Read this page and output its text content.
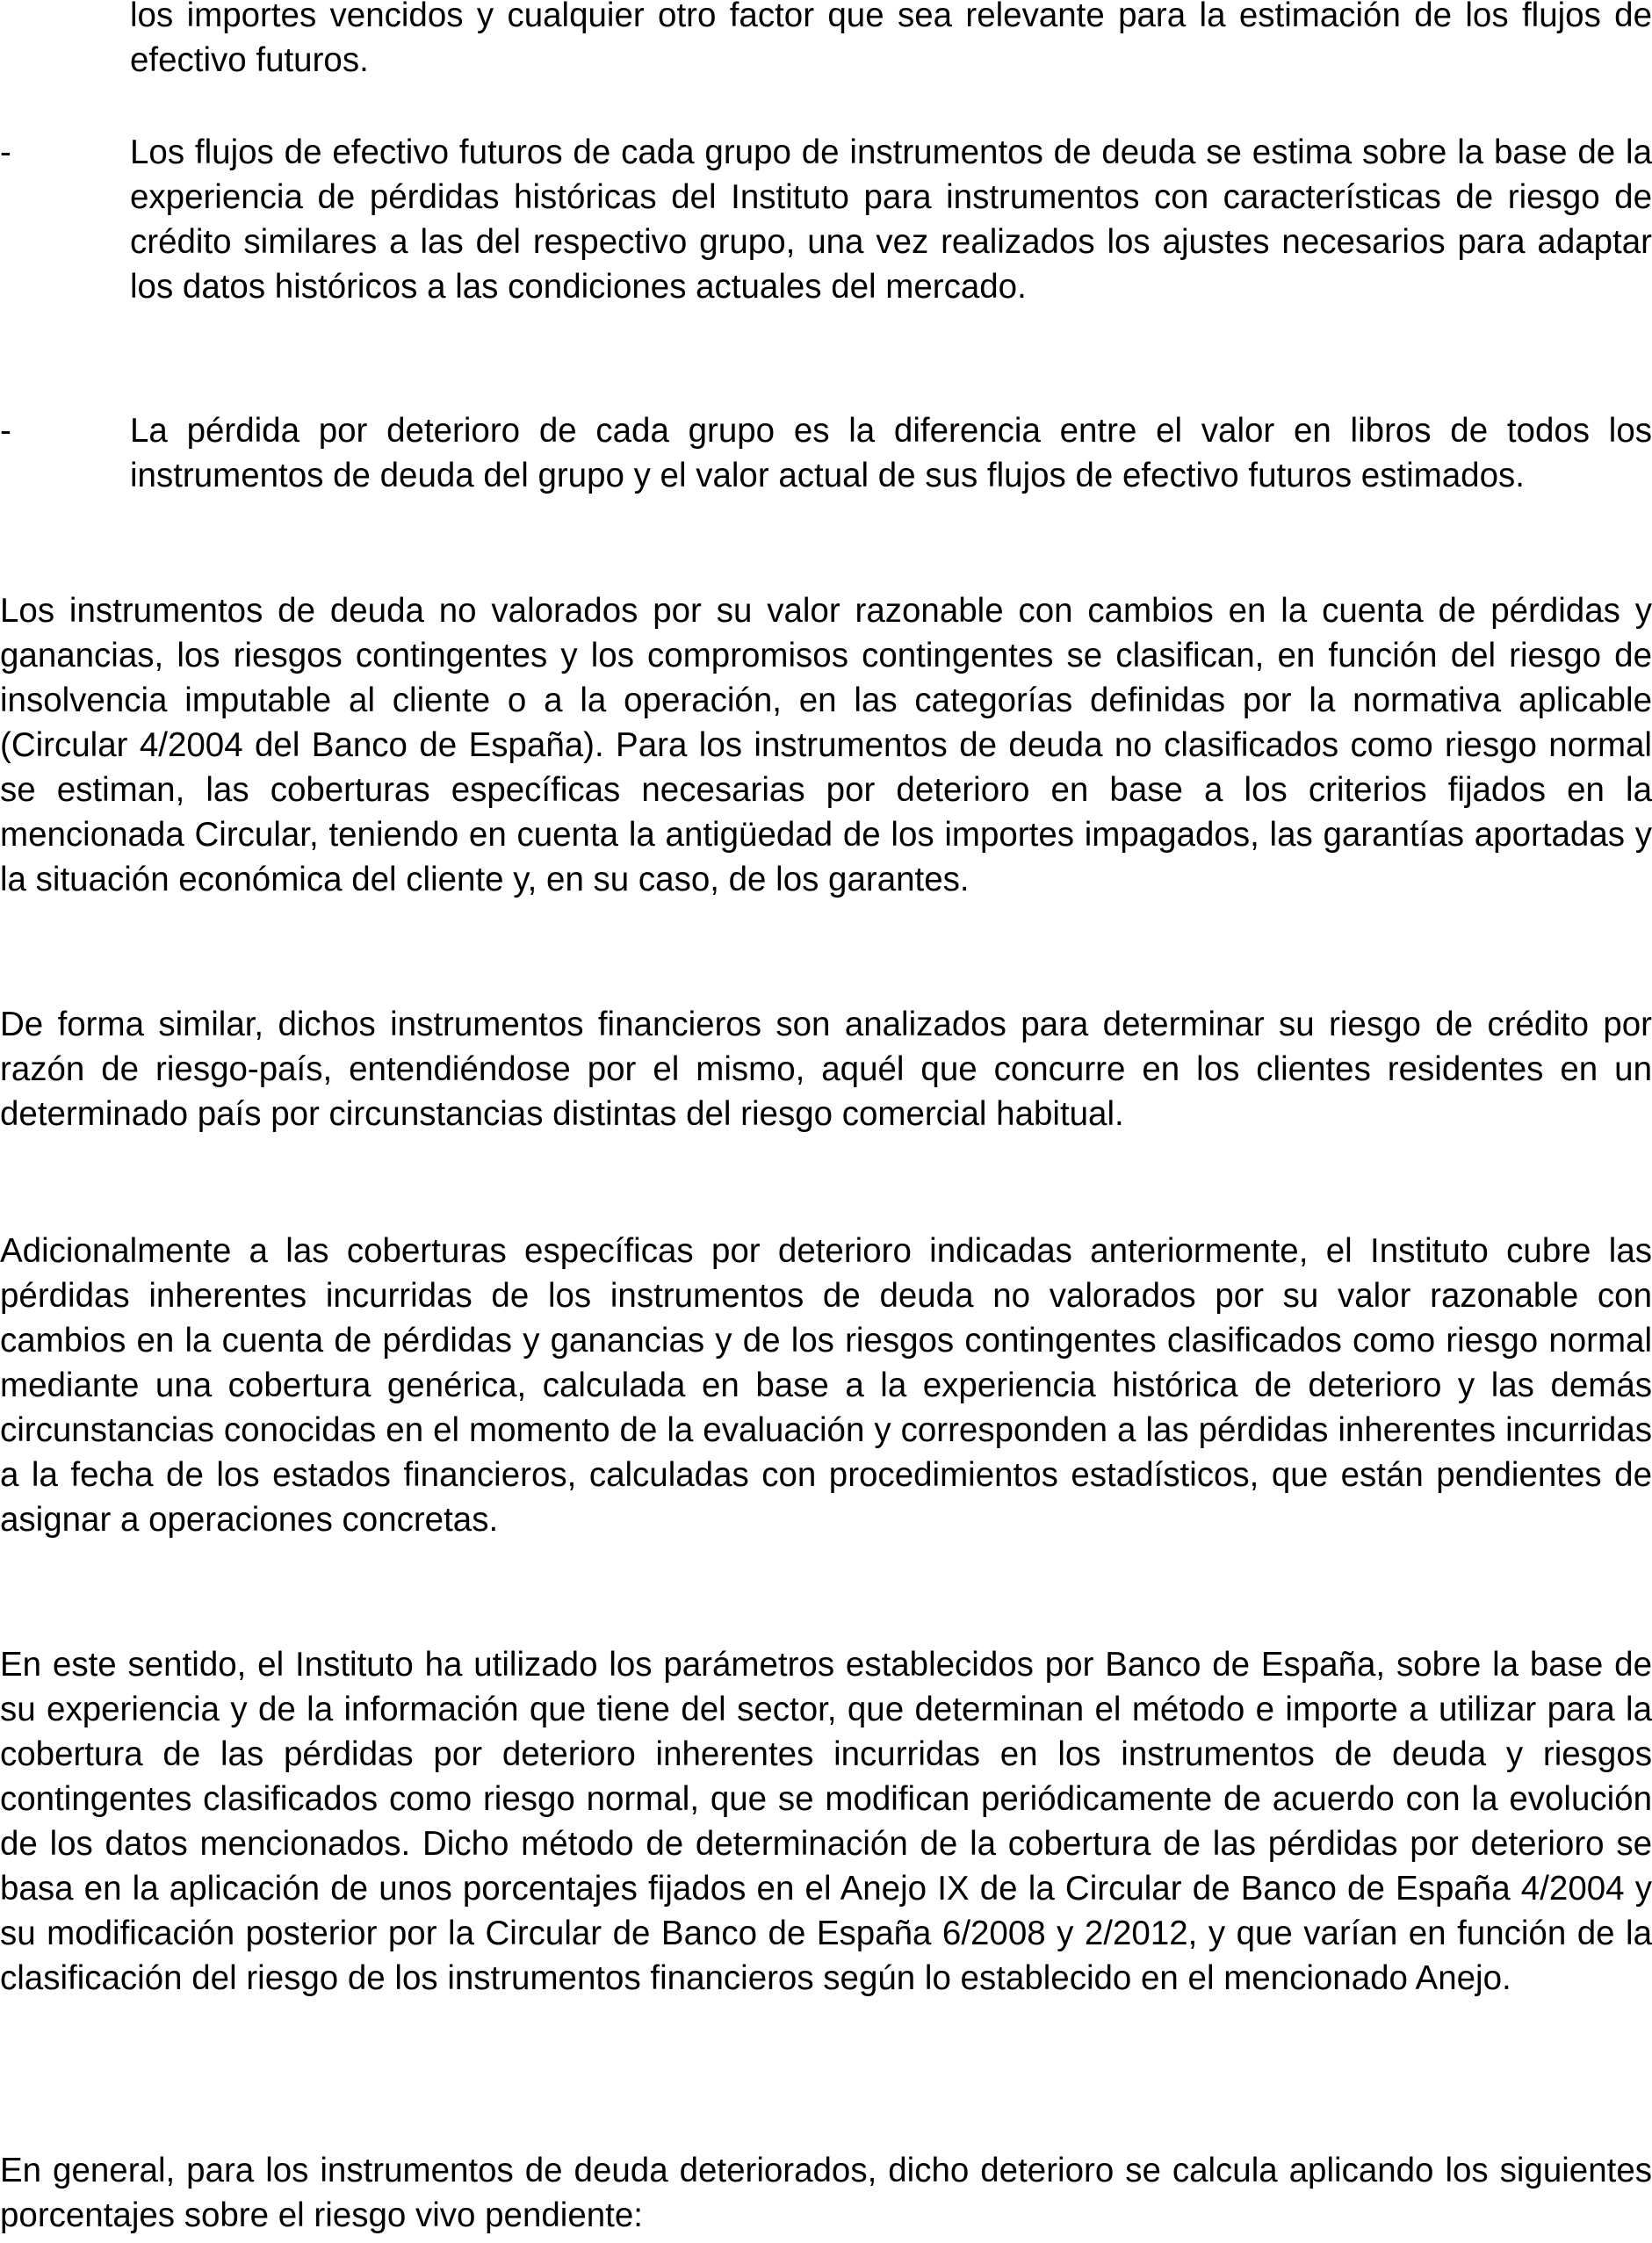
los importes vencidos y cualquier otro factor que sea relevante para la estimación de los flujos de efectivo futuros.

-	Los flujos de efectivo futuros de cada grupo de instrumentos de deuda se estima sobre la base de la experiencia de pérdidas históricas del Instituto para instrumentos con características de riesgo de crédito similares a las del respectivo grupo, una vez realizados los ajustes necesarios para adaptar los datos históricos a las condiciones actuales del mercado.

-	La pérdida por deterioro de cada grupo es la diferencia entre el valor en libros de todos los instrumentos de deuda del grupo y el valor actual de sus flujos de efectivo futuros estimados.

Los instrumentos de deuda no valorados por su valor razonable con cambios en la cuenta de pérdidas y ganancias, los riesgos contingentes y los compromisos contingentes se clasifican, en función del riesgo de insolvencia imputable al cliente o a la operación, en las categorías definidas por la normativa aplicable (Circular 4/2004 del Banco de España). Para los instrumentos de deuda no clasificados como riesgo normal se estiman, las coberturas específicas necesarias por deterioro en base a los criterios fijados en la mencionada Circular, teniendo en cuenta la antigüedad de los importes impagados, las garantías aportadas y la situación económica del cliente y, en su caso, de los garantes.

De forma similar, dichos instrumentos financieros son analizados para determinar su riesgo de crédito por razón de riesgo-país, entendiéndose por el mismo, aquél que concurre en los clientes residentes en un determinado país por circunstancias distintas del riesgo comercial habitual.

Adicionalmente a las coberturas específicas por deterioro indicadas anteriormente, el Instituto cubre las pérdidas inherentes incurridas de los instrumentos de deuda no valorados por su valor razonable con cambios en la cuenta de pérdidas y ganancias y de los riesgos contingentes clasificados como riesgo normal mediante una cobertura genérica, calculada en base a la experiencia histórica de deterioro y las demás circunstancias conocidas en el momento de la evaluación y corresponden a las pérdidas inherentes incurridas a la fecha de los estados financieros, calculadas con procedimientos estadísticos, que están pendientes de asignar a operaciones concretas.

En este sentido, el Instituto ha utilizado los parámetros establecidos por Banco de España, sobre la base de su experiencia y de la información que tiene del sector, que determinan el método e importe a utilizar para la cobertura de las pérdidas por deterioro inherentes incurridas en los instrumentos de deuda y riesgos contingentes clasificados como riesgo normal, que se modifican periódicamente de acuerdo con la evolución de los datos mencionados. Dicho método de determinación de la cobertura de las pérdidas por deterioro se basa en la aplicación de unos porcentajes fijados en el Anejo IX de la Circular de Banco de España 4/2004 y su modificación posterior por la Circular de Banco de España 6/2008 y 2/2012, y que varían en función de la clasificación del riesgo de los instrumentos financieros según lo establecido en el mencionado Anejo.

En general, para los instrumentos de deuda deteriorados, dicho deterioro se calcula aplicando los siguientes porcentajes sobre el riesgo vivo pendiente:
